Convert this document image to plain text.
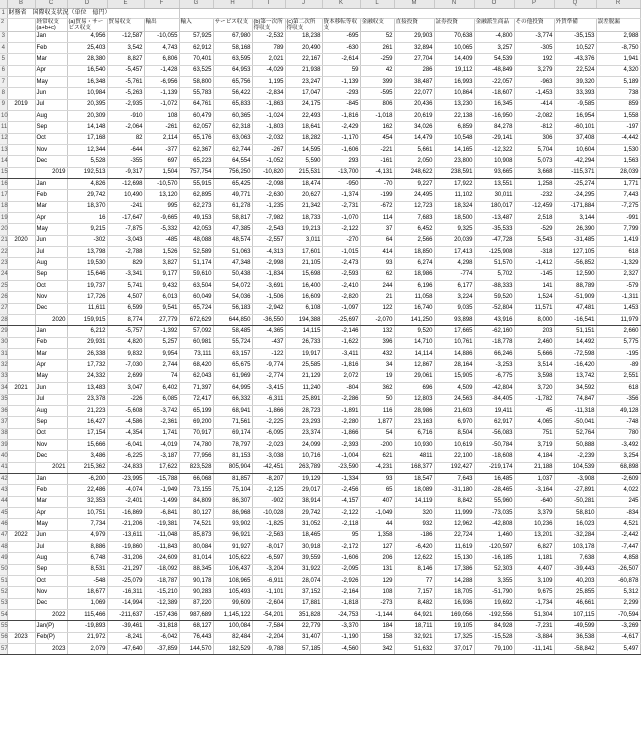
	B	C	D	E	F	G	H	I	J	K	L	M	N	O	P	Q	R	
1	財務省　国際収支状況		（単位　億円）															
2		経常収支 (a+b+c)	(a)貿易・サービス収支	貿易収支	輸出	輸入	サービス収支	(b)第一次所得収支	(c)第二次所得収支	資本移転等収支	金融収支	直接投資	証券投資	金融派生商品	その他投資	外貨準備	誤差脱漏	
3		Jan	4,956	-12,587	-10,055	57,925	67,980	-2,532	18,238	-695	52	29,903	70,638	-4,800	-3,774	-35,153	2,988	
4		Feb	25,403	3,542	4,743	62,912	58,168	789	20,490	-630	261	32,894	10,065	3,257	-305	10,527	-8,750	
5		Mar	28,380	8,827	6,806	70,401	63,595	2,021	22,167	-2,614	-259	27,704	14,409	54,539	192	-43,376	1,941	
6		Apr	16,540	-5,457	-1,428	63,525	64,953	-4,029	21,938	59	42	286	19,112	-48,849	3,279	22,524	4,320	
7		May	16,348	-5,761	-6,956	58,800	65,756	1,195	23,247	-1,139	399	38,487	16,993	-22,057	-963	39,320	5,189	
8		Jun	10,984	-5,263	-1,139	55,783	56,422	-2,834	17,047	-293	-595	22,077	10,864	-18,607	-1,453	33,393	738	
9	2019	Jul	20,395	-2,935	-1,072	64,761	65,833	-1,863	24,175	-845	806	20,436	13,230	16,345	-414	-9,585	859	
10		Aug	20,309	-910	108	60,479	60,365	-1,024	22,493	-1,816	-1,018	20,619	22,138	-16,950	-2,082	16,954	1,558	
11		Sep	14,148	-2,064	-261	62,057	62,318	-1,803	18,641	-2,429	162	34,026	6,859	84,278	-812	-60,101	-197	
12		Oct	17,168	82	2,114	65,176	63,063	-2,032	18,282	-1,170	454	14,479	10,548	-29,141	306	37,408	-4,442	
13		Nov	12,344	-644	-377	62,367	62,744	-267	14,595	-1,606	-221	5,661	14,165	-12,322	5,704	10,604	1,530	
14		Dec	5,528	-355	697	65,223	64,554	-1,052	5,590	293	-161	2,050	23,800	10,908	5,073	-42,294	1,563	
15		2019	192,513	-9,317	1,504	757,754	756,250	-10,820	215,531	-13,700	-4,131	248,622	238,591	93,665	3,668	-115,371	28,039	
16		Jan	4,826	-12,698	-10,570	55,915	65,425	-2,098	18,474	-950	-70	9,227	17,922	13,551	1,258	-25,274	1,771	
17		Feb	29,742	10,490	13,120	62,895	49,771	-2,630	20,627	-1,374	-199	24,495	11,102	30,011	-232	-24,295	7,443	
18		Mar	18,370	-241	995	62,273	61,278	-1,235	21,342	-2,731	-672	12,723	18,324	180,017	-12,459	-171,884	-7,275	
19		Apr	16	-17,647	-9,665	49,153	58,817	-7,982	18,733	-1,070	114	7,683	18,500	-13,487	2,518	3,144	-991	
20		May	9,215	-7,875	-5,332	42,053	47,385	-2,543	19,213	-2,122	37	6,452	9,325	-35,533	-529	26,390	7,799	
21	2020	Jun	-302	-3,043	-485	48,088	48,574	-2,557	3,011	-270	64	2,566	20,039	-47,728	5,543	-31,485	1,419	
22		Jul	13,798	-2,788	1,526	52,589	51,063	-4,313	17,601	-1,015	414	18,850	17,413	-125,908	-318	127,105	618	
23		Aug	19,530	829	3,827	51,174	47,348	-2,998	21,105	-2,473	93	6,274	4,298	51,570	-1,412	-56,852	-1,329	
24		Sep	15,646	-3,341	9,177	59,610	50,438	-1,834	15,698	-2,593	62	18,986	-774	5,702	-145	12,590	2,327	
25		Oct	19,737	5,741	9,432	63,504	54,072	-3,691	16,400	-2,410	244	6,196	6,177	-88,333	141	88,789	-579	
26		Nov	17,726	4,507	6,013	60,049	54,036	-1,506	16,609	-2,820	21	11,058	3,224	59,520	1,524	-51,909	-1,311	
27		Dec	11,611	6,599	9,541	65,724	56,183	-2,942	6,108	-1,097	122	16,740	9,035	-52,804	11,571	47,481	1,453	
28		2020	159,915	8,774	27,779	672,629	644,850	-36,550	194,388	-25,697	-2,070	141,250	93,898	43,916	8,000	-16,541	11,979	
29		Jan	6,212	-5,757	-1,392	57,092	58,485	-4,365	14,115	-2,146	132	9,520	17,665	-62,160	203	51,151	2,660	
30		Feb	29,931	4,820	5,257	60,981	55,724	-437	26,733	-1,622	396	14,710	10,761	-18,778	2,460	14,492	5,775	
31		Mar	26,338	9,832	9,954	73,111	63,157	-122	19,917	-3,411	432	14,114	14,886	66,246	5,666	-72,598	-195	
32		Apr	17,732	-7,030	2,744	68,420	65,675	-9,774	25,585	-1,816	34	12,867	28,164	-3,253	3,514	-16,420	-89	
33		May	24,332	2,699	74	62,043	61,969	-2,774	21,129	2,072	19	29,061	15,905	-6,775	3,598	13,742	2,551	
34	2021	Jun	13,483	3,047	6,402	71,397	64,995	-3,415	11,240	-804	362	696	4,509	-42,804	3,720	34,592	618	
35		Jul	23,378	-226	6,085	72,417	66,332	-6,311	25,891	-2,286	50	12,803	24,563	-84,405	-1,782	74,847	-356	
36		Aug	21,223	-5,608	-3,742	65,199	68,941	-1,866	28,723	-1,891	116	28,986	21,603	19,411	45	-11,318	49,128	
37		Sep	16,427	-4,586	-2,361	69,200	71,561	-2,225	23,293	-2,280	1,877	23,163	6,970	62,917	4,065	-50,041	-748	
38		Oct	17,154	-4,354	1,741	70,917	69,174	-6,095	23,374	-1,866	54	6,716	8,504	-56,083	751	52,764	780	
39		Nov	15,666	-6,041	-4,019	74,780	78,797	-2,023	24,099	-2,393	-200	10,930	10,619	-50,784	3,719	50,888	-3,492	
40		Dec	3,486	-6,225	-3,187	77,956	81,153	-3,038	10,716	-1,004	621	4811	22,100	-18,608	4,184	-2,239	3,254	
41		2021	215,362	-24,833	17,622	823,528	805,904	-42,451	263,789	-23,590	-4,231	168,377	192,427	-219,174	21,188	104,539	68,898	
42		Jan	-6,200	-23,995	-15,788	66,068	81,857	-8,207	19,129	-1,334	93	18,547	7,643	16,485	1,037	-3,908	-2,609	
43		Feb	22,486	-4,074	-1,949	73,155	75,104	-2,125	29,017	-2,456	65	18,089	-31,180	-28,465	-3,164	-27,891	4,022	
44		Mar	32,353	-2,401	-1,499	84,809	86,307	-902	38,914	-4,157	407	14,119	8,842	55,960	-640	-50,281	245	
45		Apr	10,751	-16,869	-6,841	80,127	86,968	-10,028	29,742	-2,122	-1,049	320	11,999	-73,035	3,379	58,810	-834	
46		May	7,734	-21,206	-19,381	74,521	93,902	-1,825	31,052	-2,118	44	932	12,962	-42,808	10,236	16,023	4,521	
47	2022	Jun	4,979	-13,611	-11,048	85,873	96,921	-2,563	18,465	95	1,358	-186	22,724	1,460	13,201	-32,284	-2,442	
48		Jul	8,886	-19,860	-11,843	80,084	91,927	-8,017	30,918	-2,172	127	-6,420	11,619	-120,597	6,827	103,178	-7,447	
49		Aug	6,748	-31,206	-24,609	81,014	105,622	-6,597	39,559	-1,606	206	12,622	15,130	-16,185	1,181	7,638	4,858	
50		Sep	8,531	-21,297	-18,092	88,345	106,437	-3,204	31,922	-2,095	131	8,146	17,386	52,303	4,407	-39,443	-26,507	
51		Oct	-548	-25,079	-18,787	90,178	108,965	-6,911	28,074	-2,926	129	77	14,288	3,355	3,109	40,203	-60,878	
52		Nov	18,677	-16,311	-15,210	90,283	105,493	-1,101	37,152	-2,164	108	7,157	18,705	-51,790	9,675	25,855	5,312	
53		Dec	1,069	-14,994	-12,389	87,220	99,609	-2,604	17,881	-1,818	-273	8,482	16,936	19,692	-1,734	46,661	2,299	
54		2022	115,466	-211,637	-157,436	987,689	1,145,122	-54,201	351,828	-24,753	-1,144	64,921	169,056	-192,556	51,304	107,115	-70,594	
55		Jan(P)	-19,893	-39,461	-31,818	68,127	100,084	-7,584	22,779	-3,370	184	18,711	19,105	84,928	-7,231	-49,599	-3,269	
56	2023	Feb(P)	21,972	-8,241	-6,042	76,443	82,484	-2,204	31,407	-1,190	158	32,921	17,325	-15,528	-3,884	36,538	-4,617	
57		2023	2,079	-47,640	-37,859	144,570	182,529	-9,788	57,185	-4,560	342	51,632	37,017	79,100	-11,141	-58,842	5,497	
